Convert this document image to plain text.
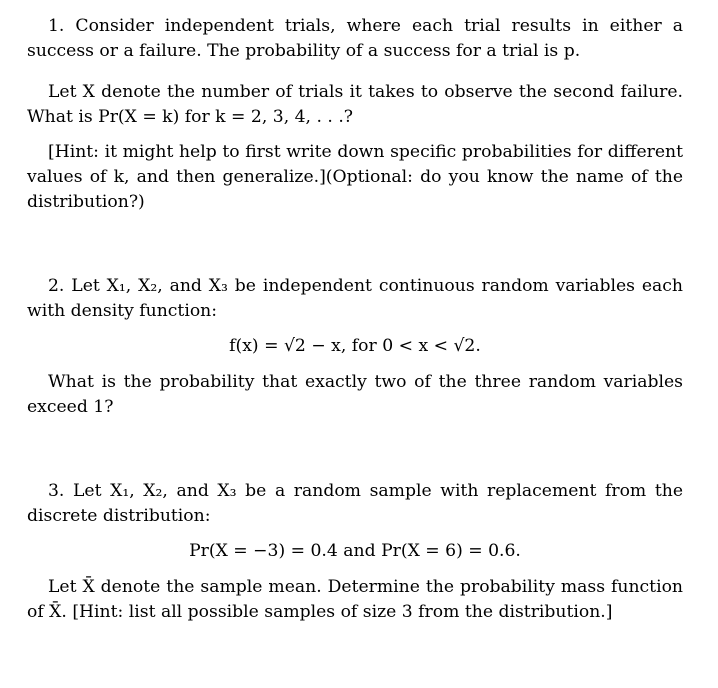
1. Consider independent trials, where each trial results in either a success or a failure. The probability of a success for a trial is p.

Let X denote the number of trials it takes to observe the second failure. What is Pr(X = k) for k = 2, 3, 4, . . .?

[Hint: it might help to first write down specific probabilities for different values of k, and then generalize.](Optional: do you know the name of the distribution?)

2. Let X₁, X₂, and X₃ be independent continuous random variables each with density function:

f(x) = √2 − x, for 0 < x < √2.

What is the probability that exactly two of the three random variables exceed 1?

3. Let X₁, X₂, and X₃ be a random sample with replacement from the discrete distribution:

Pr(X = −3) = 0.4 and Pr(X = 6) = 0.6.

Let X̄ denote the sample mean. Determine the probability mass function of X̄. [Hint: list all possible samples of size 3 from the distribution.]
